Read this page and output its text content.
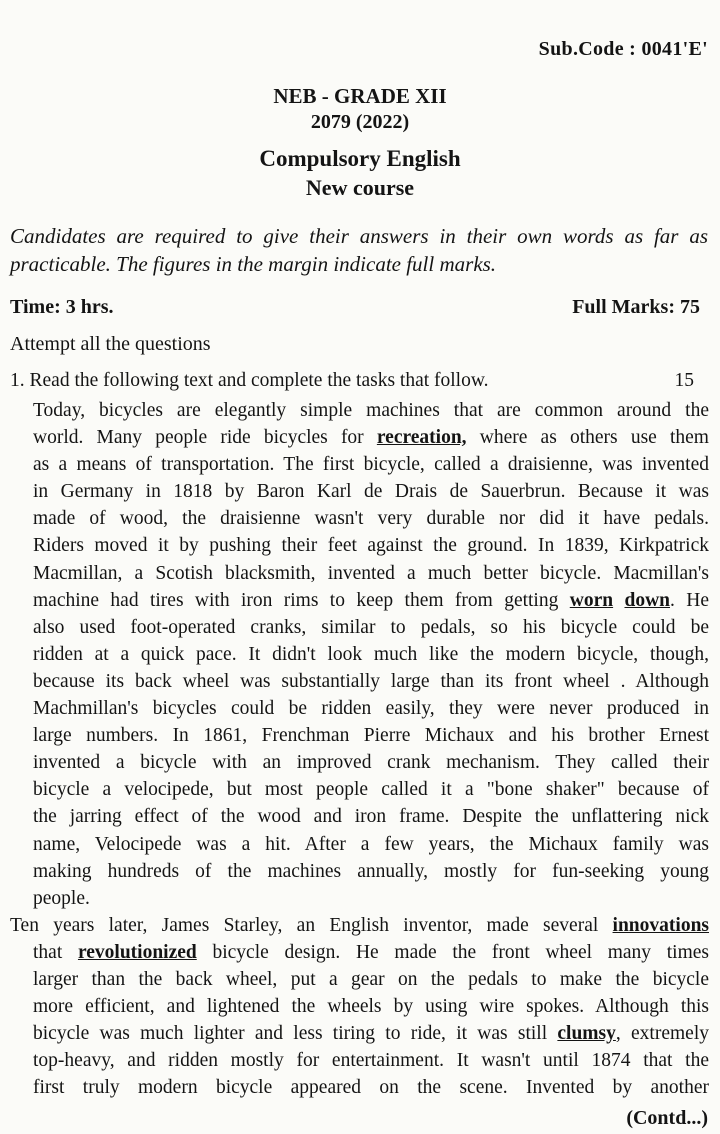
Sub.Code : 0041'E'
NEB - GRADE XII
2079 (2022)
Compulsory English
New course
Candidates are required to give their answers in their own words as far as practicable. The figures in the margin indicate full marks.
Time: 3 hrs.	Full Marks: 75
Attempt all the questions
1. Read the following text and complete the tasks that follow.	15
Today, bicycles are elegantly simple machines that are common around the
world. Many people ride bicycles for recreation, where as others use them
as a means of transportation. The first bicycle, called a draisienne, was invented
in Germany in 1818 by Baron Karl de Drais de Sauerbrun. Because it was
made of wood, the draisienne wasn't very durable nor did it have pedals.
Riders moved it by pushing their feet against the ground. In 1839, Kirkpatrick
Macmillan, a Scotish blacksmith, invented a much better bicycle. Macmillan's
machine had tires with iron rims to keep them from getting worn down. He
also used foot-operated cranks, similar to pedals, so his bicycle could be
ridden at a quick pace. It didn't look much like the modern bicycle, though,
because its back wheel was substantially large than its front wheel . Although
Machmillan's bicycles could be ridden easily, they were never produced in
large numbers. In 1861, Frenchman Pierre Michaux and his brother Ernest
invented a bicycle with an improved crank mechanism. They called their
bicycle a velocipede, but most people called it a "bone shaker" because of
the jarring effect of the wood and iron frame. Despite the unflattering nick
name, Velocipede was a hit. After a few years, the Michaux family was
making hundreds of the machines annually, mostly for fun-seeking young
people.
Ten years later, James Starley, an English inventor, made several innovations
that revolutionized bicycle design. He made the front wheel many times
larger than the back wheel, put a gear on the pedals to make the bicycle
more efficient, and lightened the wheels by using wire spokes. Although this
bicycle was much lighter and less tiring to ride, it was still clumsy, extremely
top-heavy, and ridden mostly for entertainment. It wasn't until 1874 that the
first truly modern bicycle appeared on the scene. Invented by another
(Contd...)
